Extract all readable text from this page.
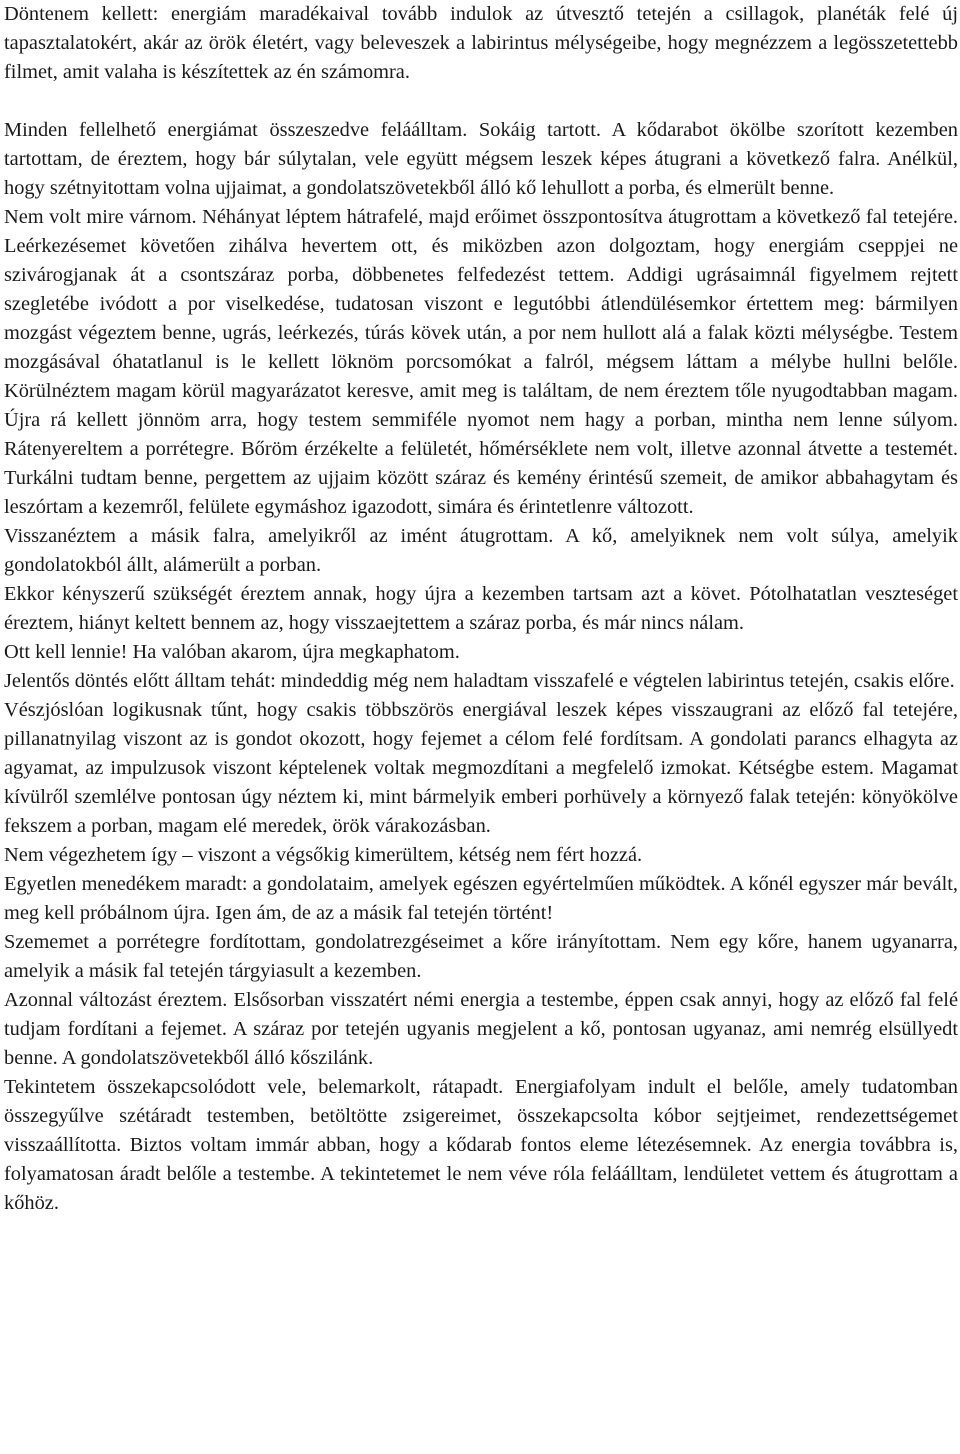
Döntenem kellett: energiám maradékaival tovább indulok az útvesztő tetején a csillagok, planéták felé új tapasztalatokért, akár az örök életért, vagy beleveszek a labirintus mélységeibe, hogy megnézzem a legösszetettebb filmet, amit valaha is készítettek az én számomra.

Minden fellelhető energiámat összeszedve feláálltam. Sokáig tartott. A kődarabot ökölbe szorított kezemben tartottam, de éreztem, hogy bár súlytalan, vele együtt mégsem leszek képes átugrani a következő falra. Anélkül, hogy szétnyitottam volna ujjaimat, a gondolatszövetekből álló kő lehullott a porba, és elmerült benne.

Nem volt mire várnom. Néhányat léptem hátrafelé, majd erőimet összpontosítva átugrottam a következő fal tetejére. Leérkezésemet követően zihálva hevertem ott, és miközben azon dolgoztam, hogy energiám cseppjei ne szivárogjanak át a csontszáraz porba, döbbenetes felfedezést tettem. Addigi ugrásaimnál figyelmem rejtett szegletébe ivódott a por viselkedése, tudatosan viszont e legutóbbi átlendülésemkor értettem meg: bármilyen mozgást végeztem benne, ugrás, leérkezés, túrás kövek után, a por nem hullott alá a falak közti mélységbe. Testem mozgásával óhatatlanul is le kellett löknöm porcsomókat a falról, mégsem láttam a mélybe hullni belőle. Körülnéztem magam körül magyarázatot keresve, amit meg is találtam, de nem éreztem tőle nyugodtabban magam. Újra rá kellett jönnöm arra, hogy testem semmiféle nyomot nem hagy a porban, mintha nem lenne súlyom. Rátenyereltem a porrétegre. Bőröm érzékelte a felületét, hőmérséklete nem volt, illetve azonnal átvette a testemét. Turkálni tudtam benne, pergettem az ujjaim között száraz és kemény érintésű szemeit, de amikor abbahagytam és leszórtam a kezemről, felülete egymáshoz igazodott, simára és érintetlenre változott.

Visszanéztem a másik falra, amelyikről az imént átugrottam. A kő, amelyiknek nem volt súlya, amelyik gondolatokból állt, alámerült a porban.

Ekkor kényszerű szükségét éreztem annak, hogy újra a kezemben tartsam azt a követ. Pótolhatatlan veszteséget éreztem, hiányt keltett bennem az, hogy visszaejtettem a száraz porba, és már nincs nálam.

Ott kell lennie! Ha valóban akarom, újra megkaphatom.

Jelentős döntés előtt álltam tehát: mindeddig még nem haladtam visszafelé e végtelen labirintus tetején, csakis előre.

Vészjóslóan logikusnak tűnt, hogy csakis többszörös energiával leszek képes visszaugrani az előző fal tetejére, pillanatnyilag viszont az is gondot okozott, hogy fejemet a célom felé fordítsam. A gondolati parancs elhagyta az agyamat, az impulzusok viszont képtelenek voltak megmozdítani a megfelelő izmokat. Kétségbe estem. Magamat kívülről szemlélve pontosan úgy néztem ki, mint bármelyik emberi porhüvely a környező falak tetején: könyökölve fekszem a porban, magam elé meredek, örök várakozásban.

Nem végezhetem így – viszont a végsőkig kimerültem, kétség nem fért hozzá.

Egyetlen menedékem maradt: a gondolataim, amelyek egészen egyértelműen működtek. A kőnél egyszer már bevált, meg kell próbálnom újra. Igen ám, de az a másik fal tetején történt!

Szememet a porrétegre fordítottam, gondolatrezgéseimet a kőre irányítottam. Nem egy kőre, hanem ugyanarra, amelyik a másik fal tetején tárgyiasult a kezemben.

Azonnal változást éreztem. Elsősorban visszatért némi energia a testembe, éppen csak annyi, hogy az előző fal felé tudjam fordítani a fejemet. A száraz por tetején ugyanis megjelent a kő, pontosan ugyanaz, ami nemrég elsüllyedt benne. A gondolatszövetekből álló kőszilánk.

Tekintetem összekapcsolódott vele, belemarkolt, rátapadt. Energiafolyam indult el belőle, amely tudatomban összegyűlve szétáradt testemben, betöltötte zsigereimet, összekapcsolta kóbor sejtjeimet, rendezettségemet visszaállította. Biztos voltam immár abban, hogy a kődarab fontos eleme létezésemnek. Az energia továbbra is, folyamatosan áradt belőle a testembe. A tekintetemet le nem véve róla feláálltam, lendületet vettem és átugrottam a kőhöz.
